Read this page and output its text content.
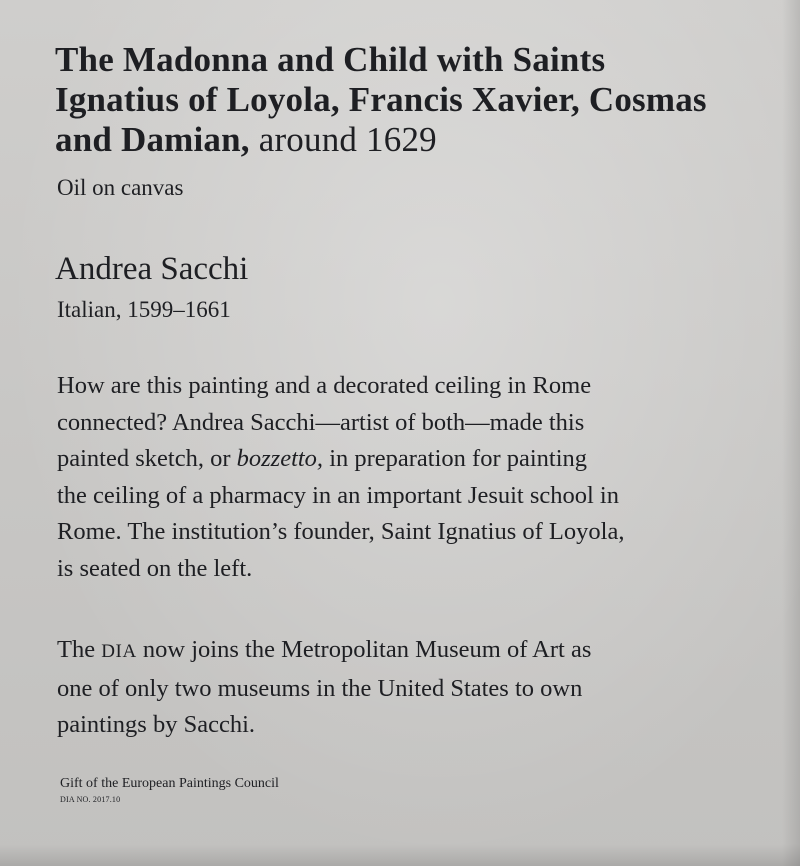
The Madonna and Child with Saints
Ignatius of Loyola, Francis Xavier, Cosmas
and Damian, around 1629

Oil on canvas

Andrea Sacchi

Italian, 1599–1661

How are this painting and a decorated ceiling in Rome
connected? Andrea Sacchi—artist of both—made this
painted sketch, or bozzetto, in preparation for painting
the ceiling of a pharmacy in an important Jesuit school in
Rome. The institution’s founder, Saint Ignatius of Loyola,
is seated on the left.

The DIA now joins the Metropolitan Museum of Art as
one of only two museums in the United States to own
paintings by Sacchi.

Gift of the European Paintings Council

DIA NO. 2017.10
